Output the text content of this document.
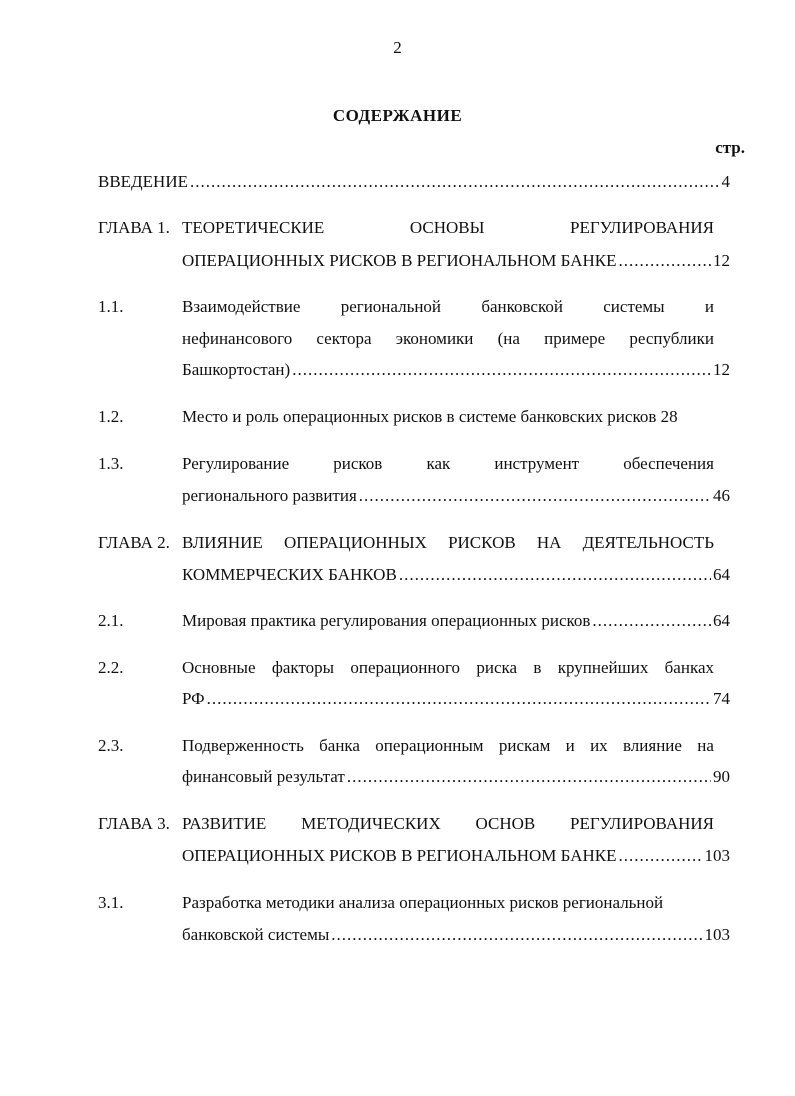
2
СОДЕРЖАНИЕ
стр.
ВВЕДЕНИЕ .....	4
ГЛАВА 1. ТЕОРЕТИЧЕСКИЕ	ОСНОВЫ	РЕГУЛИРОВАНИЯ
ОПЕРАЦИОННЫХ РИСКОВ В РЕГИОНАЛЬНОМ БАНКЕ .....	12
1.1.	Взаимодействие региональной банковской системы и
нефинансового сектора экономики (на примере республики
Башкортостан) .....	12
1.2.	Место и роль операционных рисков в системе банковских рисков 28
1.3.	Регулирование	рисков	как	инструмент	обеспечения
регионального развития .....	46
ГЛАВА 2. ВЛИЯНИЕ ОПЕРАЦИОННЫХ РИСКОВ НА ДЕЯТЕЛЬНОСТЬ
КОММЕРЧЕСКИХ БАНКОВ .....	64
2.1.	Мировая практика регулирования операционных рисков .....	64
2.2.	Основные факторы операционного риска в крупнейших банках
РФ .....	74
2.3.	Подверженность банка операционным рискам и их влияние на
финансовый результат .....	90
ГЛАВА 3. РАЗВИТИЕ МЕТОДИЧЕСКИХ ОСНОВ РЕГУЛИРОВАНИЯ
ОПЕРАЦИОННЫХ РИСКОВ В РЕГИОНАЛЬНОМ БАНКЕ .....	103
3.1.	Разработка методики анализа операционных рисков региональной
банковской системы .....	103
